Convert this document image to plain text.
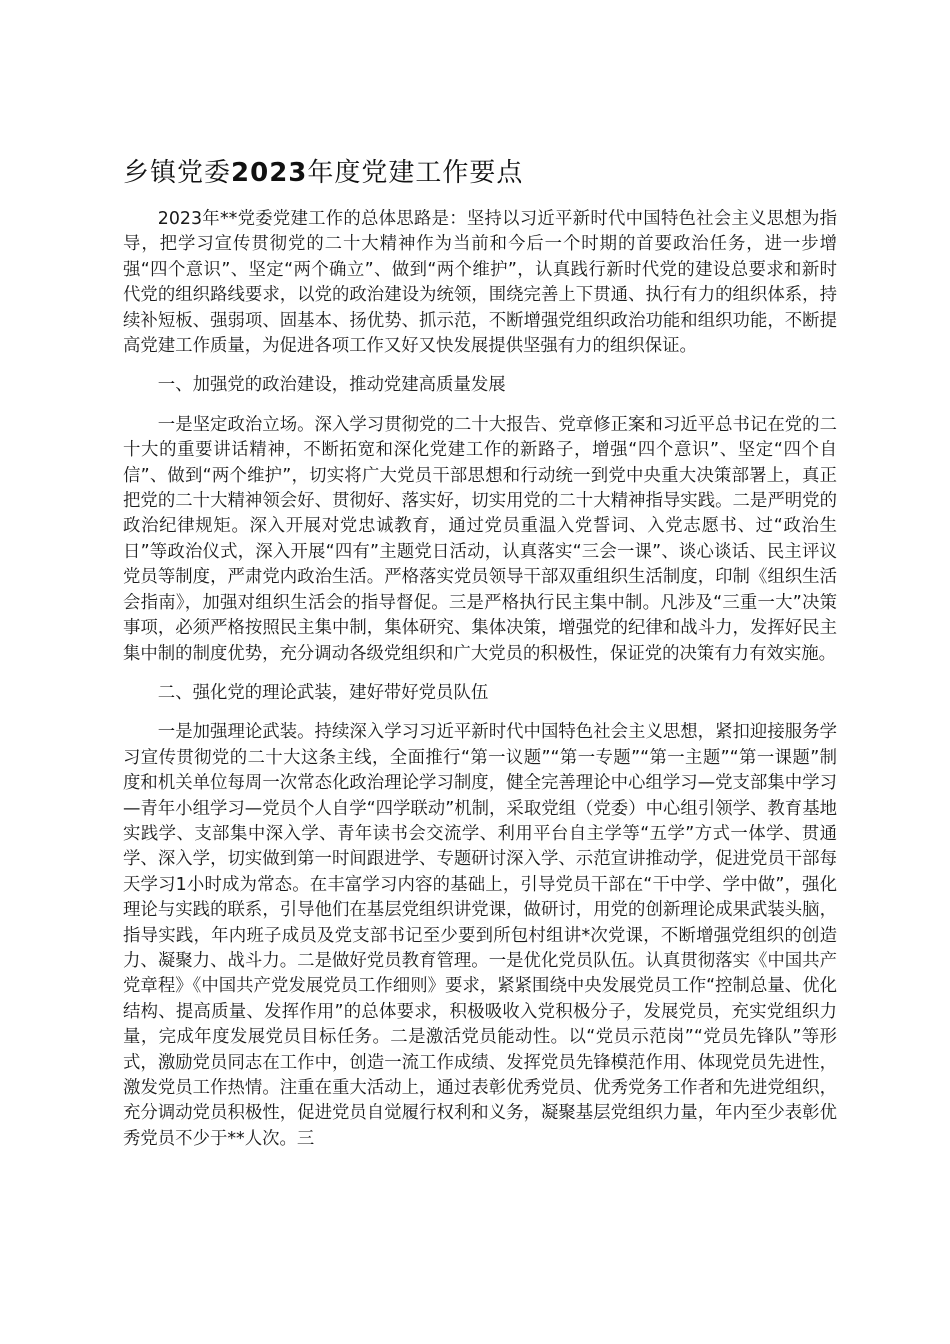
乡镇党委2023年度党建工作要点

2023年**党委党建工作的总体思路是：坚持以习近平新时代中国特色社会主义思想为指导，把学习宣传贯彻党的二十大精神作为当前和今后一个时期的首要政治任务，进一步增强“四个意识”、坚定“两个确立”、做到“两个维护”，认真践行新时代党的建设总要求和新时代党的组织路线要求，以党的政治建设为统领，围绕完善上下贯通、执行有力的组织体系，持续补短板、强弱项、固基本、扬优势、抓示范，不断增强党组织政治功能和组织功能，不断提高党建工作质量，为促进各项工作又好又快发展提供坚强有力的组织保证。

一、加强党的政治建设，推动党建高质量发展

一是坚定政治立场。深入学习贯彻党的二十大报告、党章修正案和习近平总书记在党的二十大的重要讲话精神，不断拓宽和深化党建工作的新路子，增强“四个意识”、坚定“四个自信”、做到“两个维护”，切实将广大党员干部思想和行动统一到党中央重大决策部署上，真正把党的二十大精神领会好、贯彻好、落实好，切实用党的二十大精神指导实践。二是严明党的政治纪律规矩。深入开展对党忠诚教育，通过党员重温入党誓词、入党志愿书、过“政治生日”等政治仪式，深入开展“四有”主题党日活动，认真落实“三会一课”、谈心谈话、民主评议党员等制度，严肃党内政治生活。严格落实党员领导干部双重组织生活制度，印制《组织生活会指南》，加强对组织生活会的指导督促。三是严格执行民主集中制。凡涉及“三重一大”决策事项，必须严格按照民主集中制，集体研究、集体决策，增强党的纪律和战斗力，发挥好民主集中制的制度优势，充分调动各级党组织和广大党员的积极性，保证党的决策有力有效实施。

二、强化党的理论武装，建好带好党员队伍

一是加强理论武装。持续深入学习习近平新时代中国特色社会主义思想，紧扣迎接服务学习宣传贯彻党的二十大这条主线，全面推行“第一议题”“第一专题”“第一主题”“第一课题”制度和机关单位每周一次常态化政治理论学习制度，健全完善理论中心组学习—党支部集中学习—青年小组学习—党员个人自学“四学联动”机制，采取党组（党委）中心组引领学、教育基地实践学、支部集中深入学、青年读书会交流学、利用平台自主学等“五学”方式一体学、贯通学、深入学，切实做到第一时间跟进学、专题研讨深入学、示范宣讲推动学，促进党员干部每天学习1小时成为常态。在丰富学习内容的基础上，引导党员干部在“干中学、学中做”，强化理论与实践的联系，引导他们在基层党组织讲党课，做研讨，用党的创新理论成果武装头脑，指导实践，年内班子成员及党支部书记至少要到所包村组讲*次党课，不断增强党组织的创造力、凝聚力、战斗力。二是做好党员教育管理。一是优化党员队伍。认真贯彻落实《中国共产党章程》《中国共产党发展党员工作细则》要求，紧紧围绕中央发展党员工作“控制总量、优化结构、提高质量、发挥作用”的总体要求，积极吸收入党积极分子，发展党员，充实党组织力量，完成年度发展党员目标任务。二是激活党员能动性。以“党员示范岗”“党员先锋队”等形式，激励党员同志在工作中，创造一流工作成绩、发挥党员先锋模范作用、体现党员先进性，激发党员工作热情。注重在重大活动上，通过表彰优秀党员、优秀党务工作者和先进党组织，充分调动党员积极性，促进党员自觉履行权利和义务，凝聚基层党组织力量，年内至少表彰优秀党员不少于**人次。三
